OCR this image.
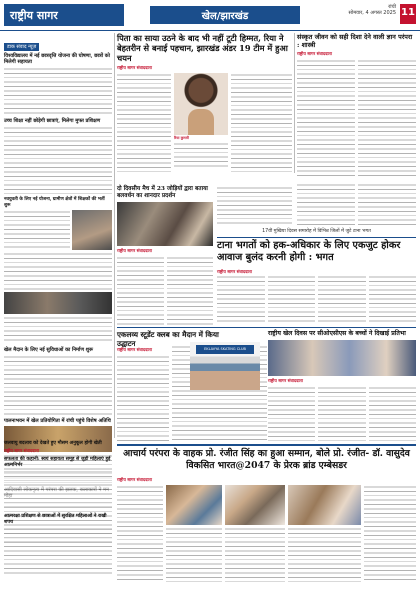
राष्ट्रीय सागर	खेल/झारखंड
रांची
सोमवार, 4 अगस्त 2025 11
डाक संवाद न्यूज़
विश्वविद्यालय में नई छात्रवृत्ति योजना की घोषणा, छात्रों को मिलेगी सहायता
उच्च शिक्षा नहीं छोड़ेगी छात्राएं, मिलेगा मुफ्त प्रशिक्षण
नवयुवती के लिए नई योजना, ग्रामीण क्षेत्रों में शिक्षकों की भर्ती शुरू
खेल मैदान के लिए नई सुविधाओं का निर्माण शुरू
पालनाभवन में खेल प्रतियोगिता में रांची पहुंचे विशेष अतिथि
पिता का साया उठने के बाद भी नहीं टूटी हिम्मत, रिया ने बेहतरीन से बनाई पहचान, झारखंड अंडर 19 टीम में हुआ चयन
राष्ट्रीय सागर संवाददाता
रिया कुमारी
संस्कृत जीवन को सही दिशा देने वाली ज्ञान परंपरा : शास्त्री
राष्ट्रीय सागर संवाददाता
दो दिवसीय मैच में 23 जोड़ियों द्वारा बताया बलवर्धन का शानदार प्रदर्शन
राष्ट्रीय सागर संवाददाता
17वीं मुखिया दिवस समारोह में विभिन्न जिलों में जुटे टाना भगत
टाना भगतों को हक-अधिकार के लिए एकजुट होकर आवाज बुलंद करनी होगी : भगत
राष्ट्रीय सागर संवाददाता
एकलव्य स्टूडेंट क्लब का मैदान में किया उद्घाटन
राष्ट्रीय सागर संवाददाता	EKLAVYA SKATING CLUB
राष्ट्रीय खेल दिवस पर सीओएसीएस के बच्चों ने दिखाई प्रतिभा
राष्ट्रीय सागर संवाददाता
जलवायु बदलाव को देखते हुए मौसम अनुकूल होगी खेती
राष्ट्रीय सागर संवाददाता	आचार्य परंपरा के वाहक प्रो. रंजीत सिंह का हुआ सम्मान, बोले प्रो. रंजीत- डॉ. वासुदेव विकसित भारत@2047 के प्रेरक ब्रांड एम्बेसडर
राष्ट्रीय सागर संवाददाता
सफलता की कहानी: स्वयं सहायता समूह से जुड़ी महिलाएं हुई आत्मनिर्भर
आत्मरक्षा प्रशिक्षण से छात्राओं में सुरक्षित महिलाओं ने राखी शपथ
